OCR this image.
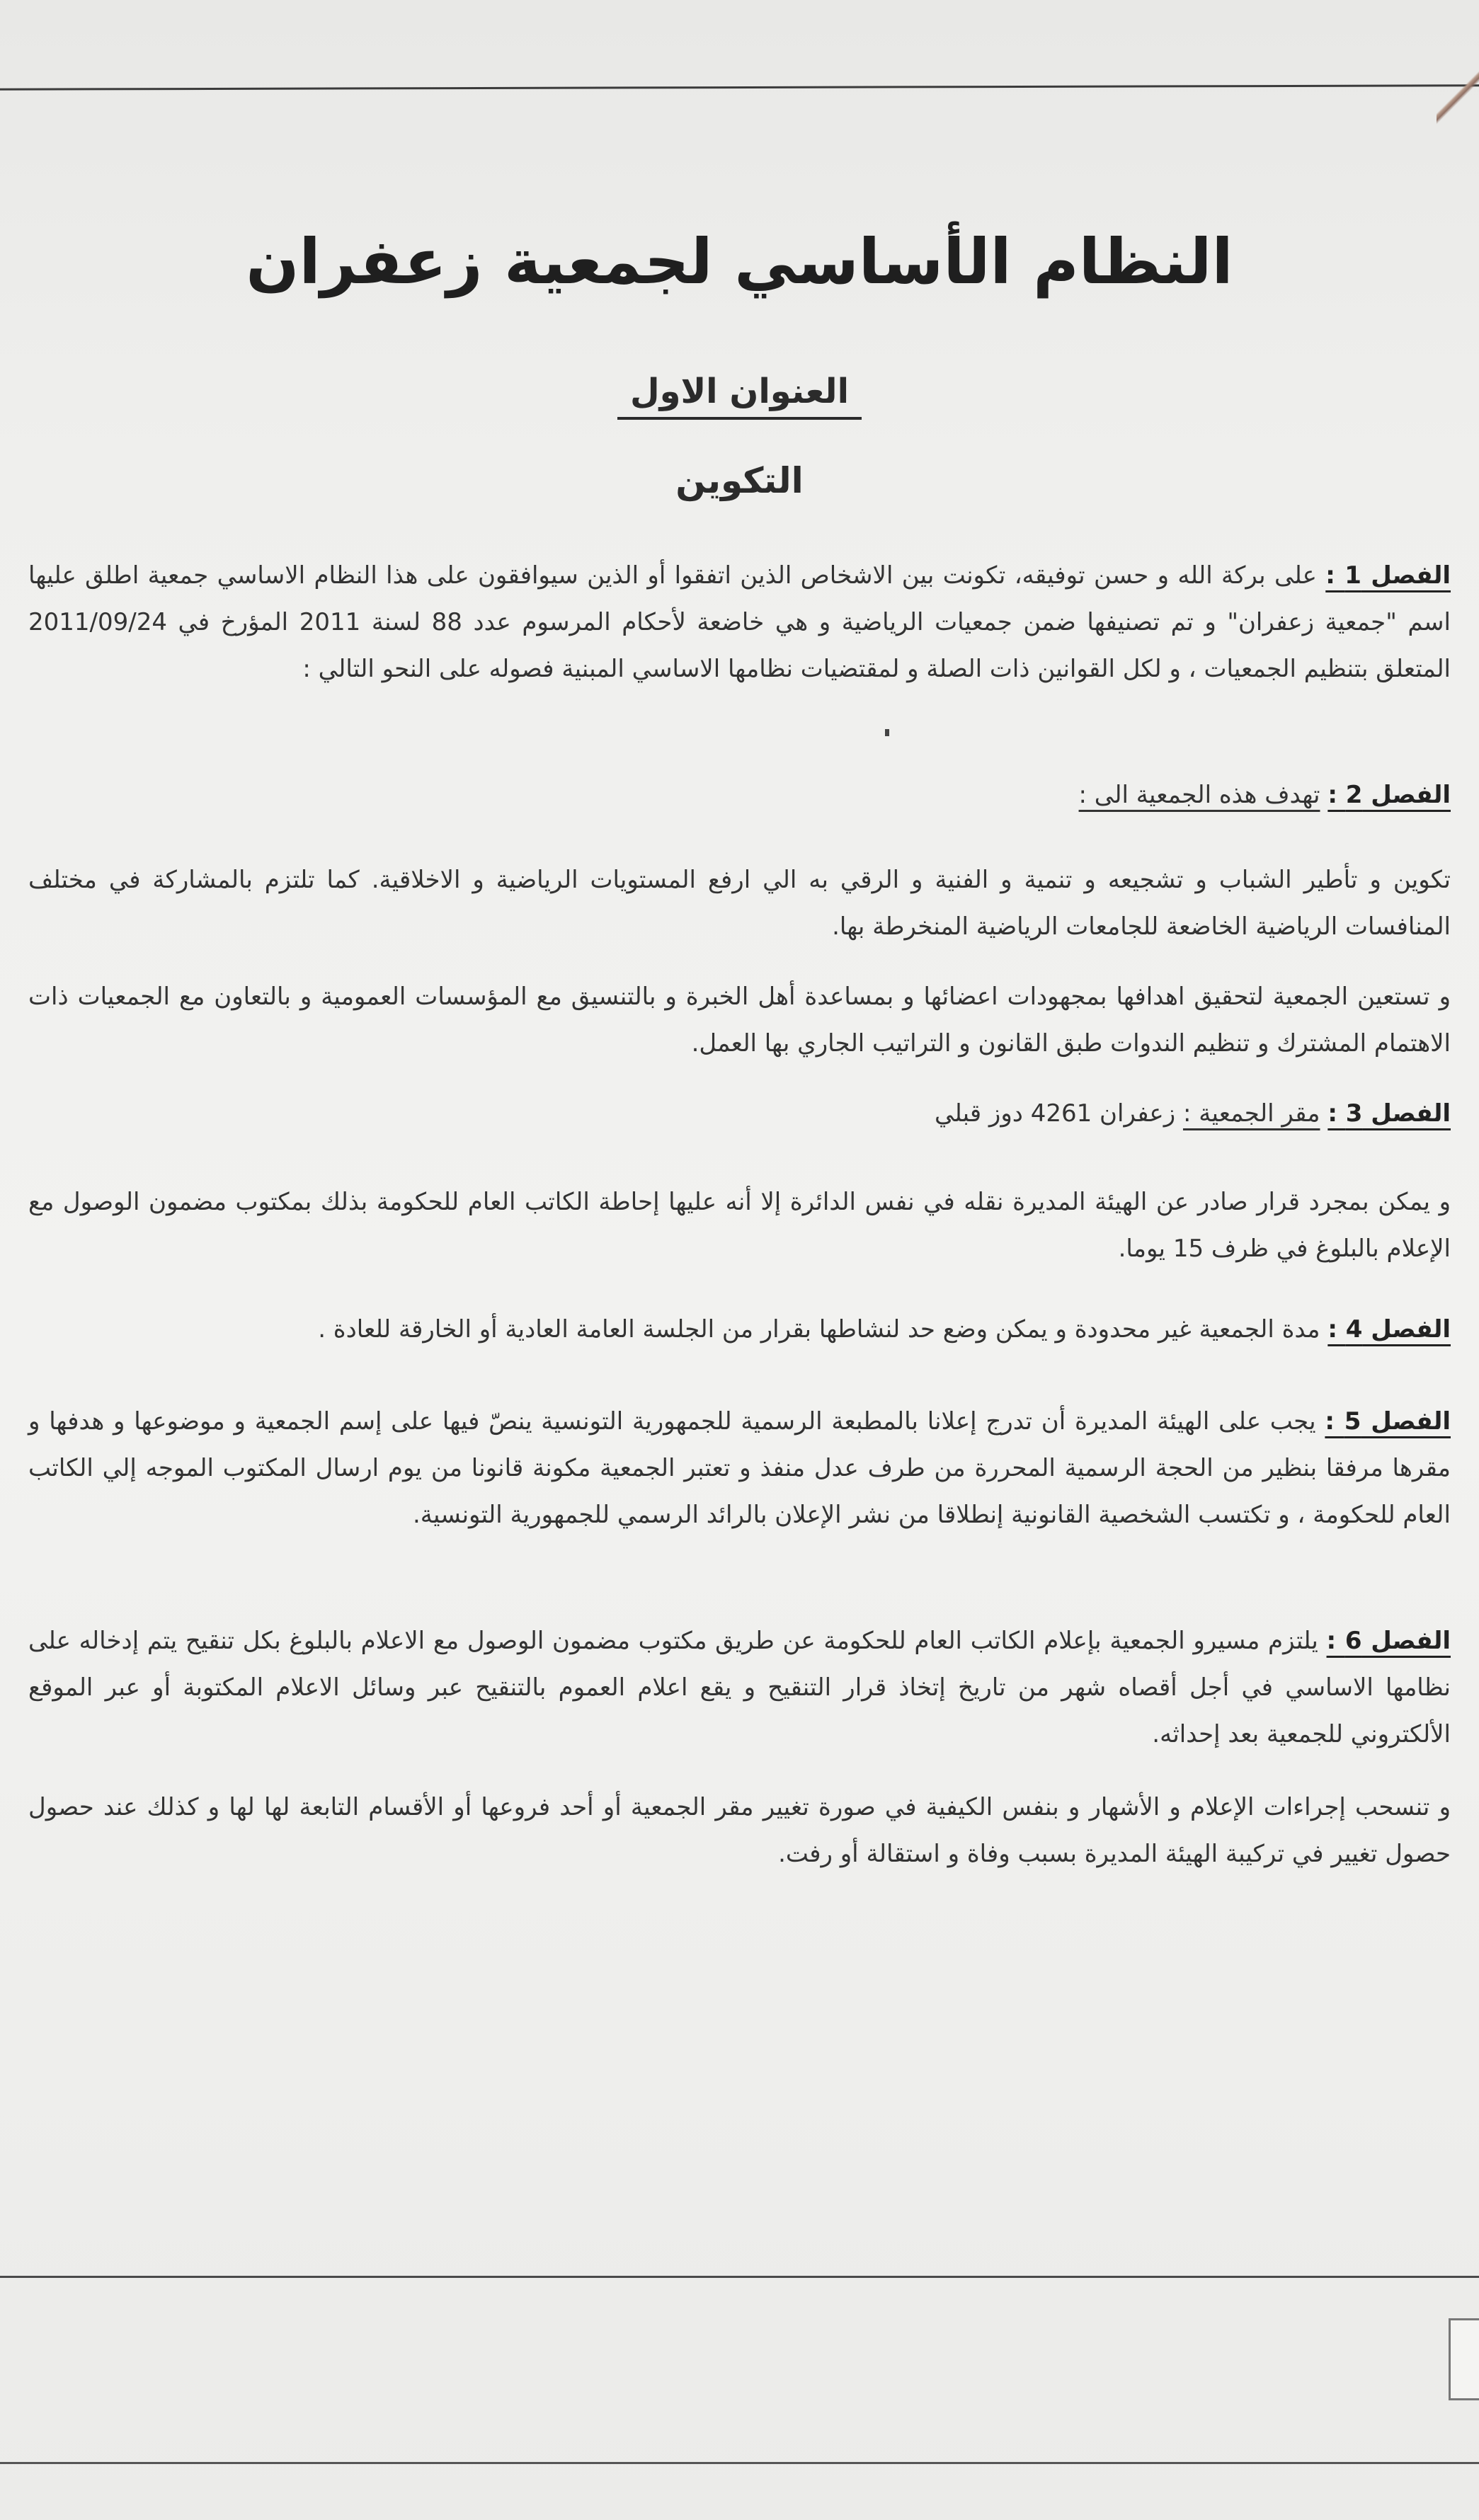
النظام الأساسي لجمعية زعفران
العنوان الاول
التكوين
الفصل 1 : على بركة الله و حسن توفيقه، تكونت بين الاشخاص الذين اتفقوا أو الذين سيوافقون على هذا النظام الاساسي جمعية اطلق عليها اسم "جمعية زعفران" و تم تصنيفها ضمن جمعيات الرياضية و هي خاضعة لأحكام المرسوم عدد 88 لسنة 2011 المؤرخ في 2011/09/24 المتعلق بتنظيم الجمعيات ، و لكل القوانين ذات الصلة و لمقتضيات نظامها الاساسي المبنية فصوله على النحو التالي :
الفصل 2 : تهدف هذه الجمعية الى :
تكوين و تأطير الشباب و تشجيعه و تنمية و الفنية و الرقي به الي ارفع المستويات الرياضية و الاخلاقية. كما تلتزم بالمشاركة في مختلف المنافسات الرياضية الخاضعة للجامعات الرياضية المنخرطة بها.
و تستعين الجمعية لتحقيق اهدافها بمجهودات اعضائها و بمساعدة أهل الخبرة و بالتنسيق مع المؤسسات العمومية و بالتعاون مع الجمعيات ذات الاهتمام المشترك و تنظيم الندوات طبق القانون و التراتيب الجاري بها العمل.
الفصل 3 : مقر الجمعية : زعفران 4261 دوز قبلي
و يمكن بمجرد قرار صادر عن الهيئة المديرة نقله في نفس الدائرة إلا أنه عليها إحاطة الكاتب العام للحكومة بذلك بمكتوب مضمون الوصول مع الإعلام بالبلوغ في ظرف 15 يوما.
الفصل 4 : مدة الجمعية غير محدودة و يمكن وضع حد لنشاطها بقرار من الجلسة العامة العادية أو الخارقة للعادة .
الفصل 5 : يجب على الهيئة المديرة أن تدرج إعلانا بالمطبعة الرسمية للجمهورية التونسية ينصّ فيها على إسم الجمعية و موضوعها و هدفها و مقرها مرفقا بنظير من الحجة الرسمية المحررة من طرف عدل منفذ و تعتبر الجمعية مكونة قانونا من يوم ارسال المكتوب الموجه إلي الكاتب العام للحكومة ، و تكتسب الشخصية القانونية إنطلاقا من نشر الإعلان بالرائد الرسمي للجمهورية التونسية.
الفصل 6 : يلتزم مسيرو الجمعية بإعلام الكاتب العام للحكومة عن طريق مكتوب مضمون الوصول مع الاعلام بالبلوغ بكل تنقيح يتم إدخاله على نظامها الاساسي في أجل أقصاه شهر من تاريخ إتخاذ قرار التنقيح و يقع اعلام العموم بالتنقيح عبر وسائل الاعلام المكتوبة أو عبر الموقع الألكتروني للجمعية بعد إحداثه.
و تنسحب إجراءات الإعلام و الأشهار و بنفس الكيفية في صورة تغيير مقر الجمعية أو أحد فروعها أو الأقسام التابعة لها لها و كذلك عند حصول حصول تغيير في تركيبة الهيئة المديرة بسبب وفاة و استقالة أو رفت.
